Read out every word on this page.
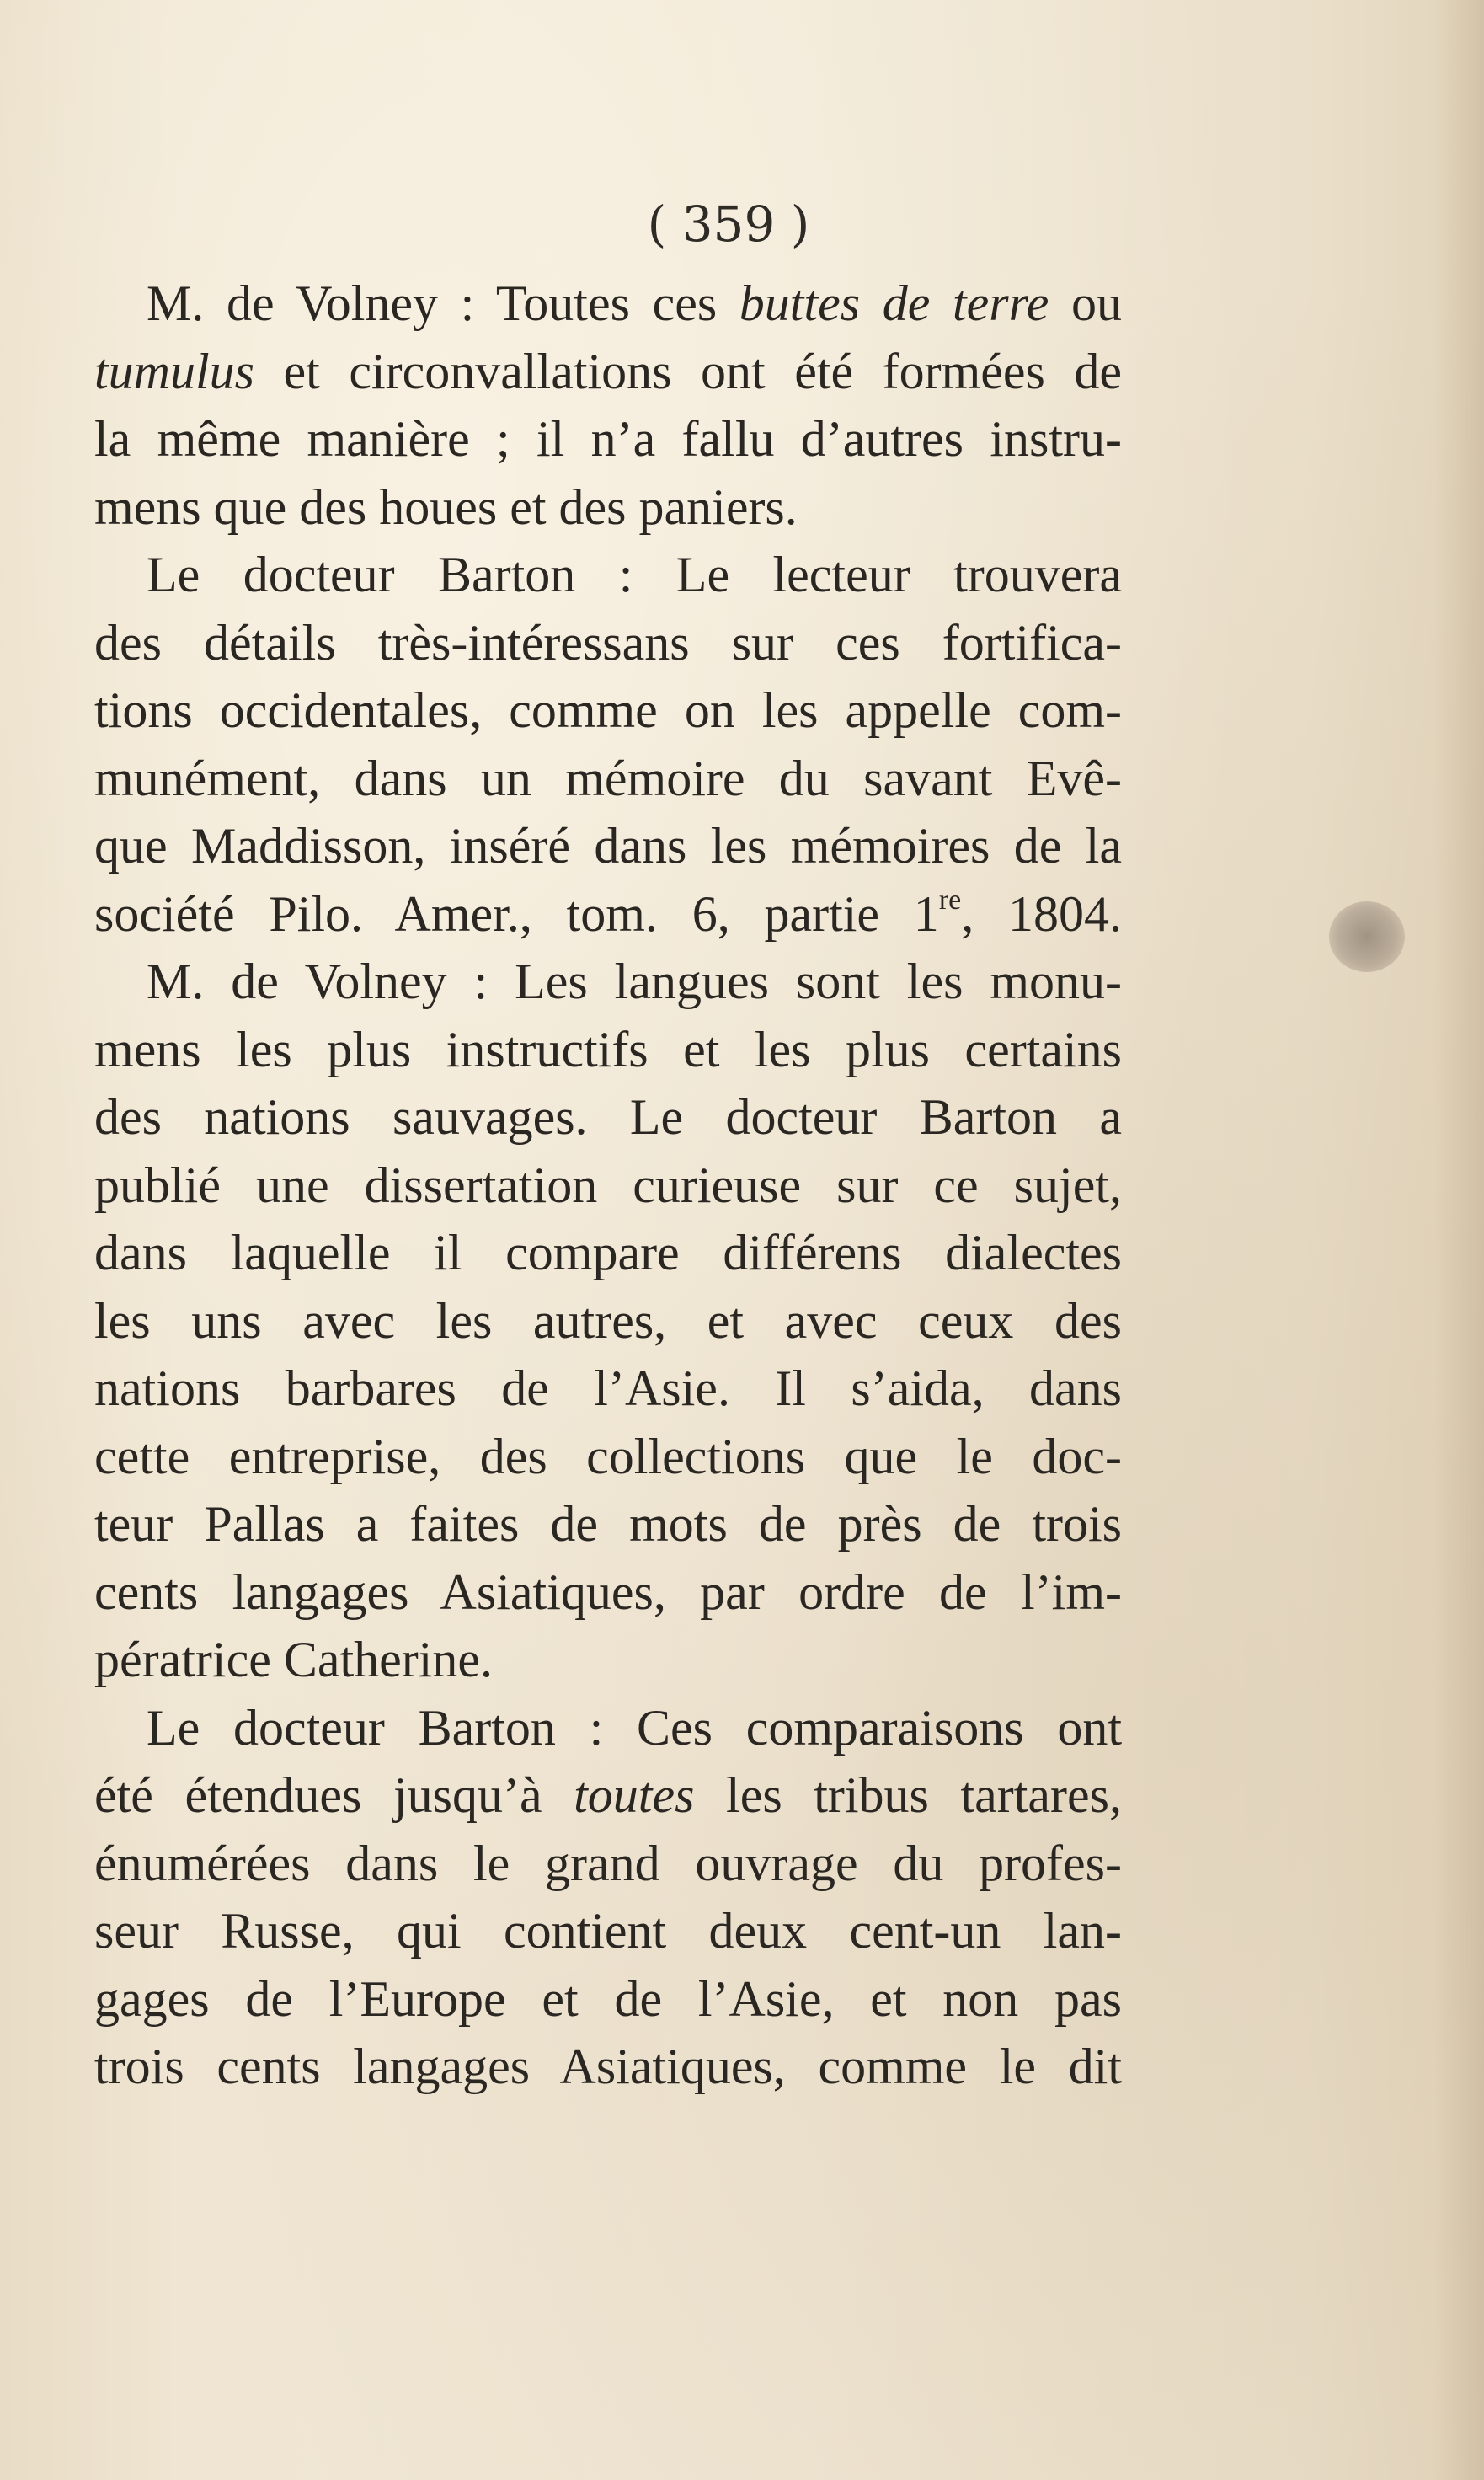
( 359 )

M. de Volney : Toutes ces buttes de terre ou
tumulus et circonvallations ont été formées de
la même manière ; il n’a fallu d’autres instru-
mens que des houes et des paniers.
Le docteur Barton : Le lecteur trouvera
des détails très-intéressans sur ces fortifica-
tions occidentales, comme on les appelle com-
munément, dans un mémoire du savant Evê-
que Maddisson, inséré dans les mémoires de la
société Pilo. Amer., tom. 6, partie 1re, 1804.
M. de Volney : Les langues sont les monu-
mens les plus instructifs et les plus certains
des nations sauvages. Le docteur Barton a
publié une dissertation curieuse sur ce sujet,
dans laquelle il compare différens dialectes
les uns avec les autres, et avec ceux des
nations barbares de l’Asie. Il s’aida, dans
cette entreprise, des collections que le doc-
teur Pallas a faites de mots de près de trois
cents langages Asiatiques, par ordre de l’im-
pératrice Catherine.
Le docteur Barton : Ces comparaisons ont
été étendues jusqu’à toutes les tribus tartares,
énumérées dans le grand ouvrage du profes-
seur Russe, qui contient deux cent-un lan-
gages de l’Europe et de l’Asie, et non pas
trois cents langages Asiatiques, comme le dit
